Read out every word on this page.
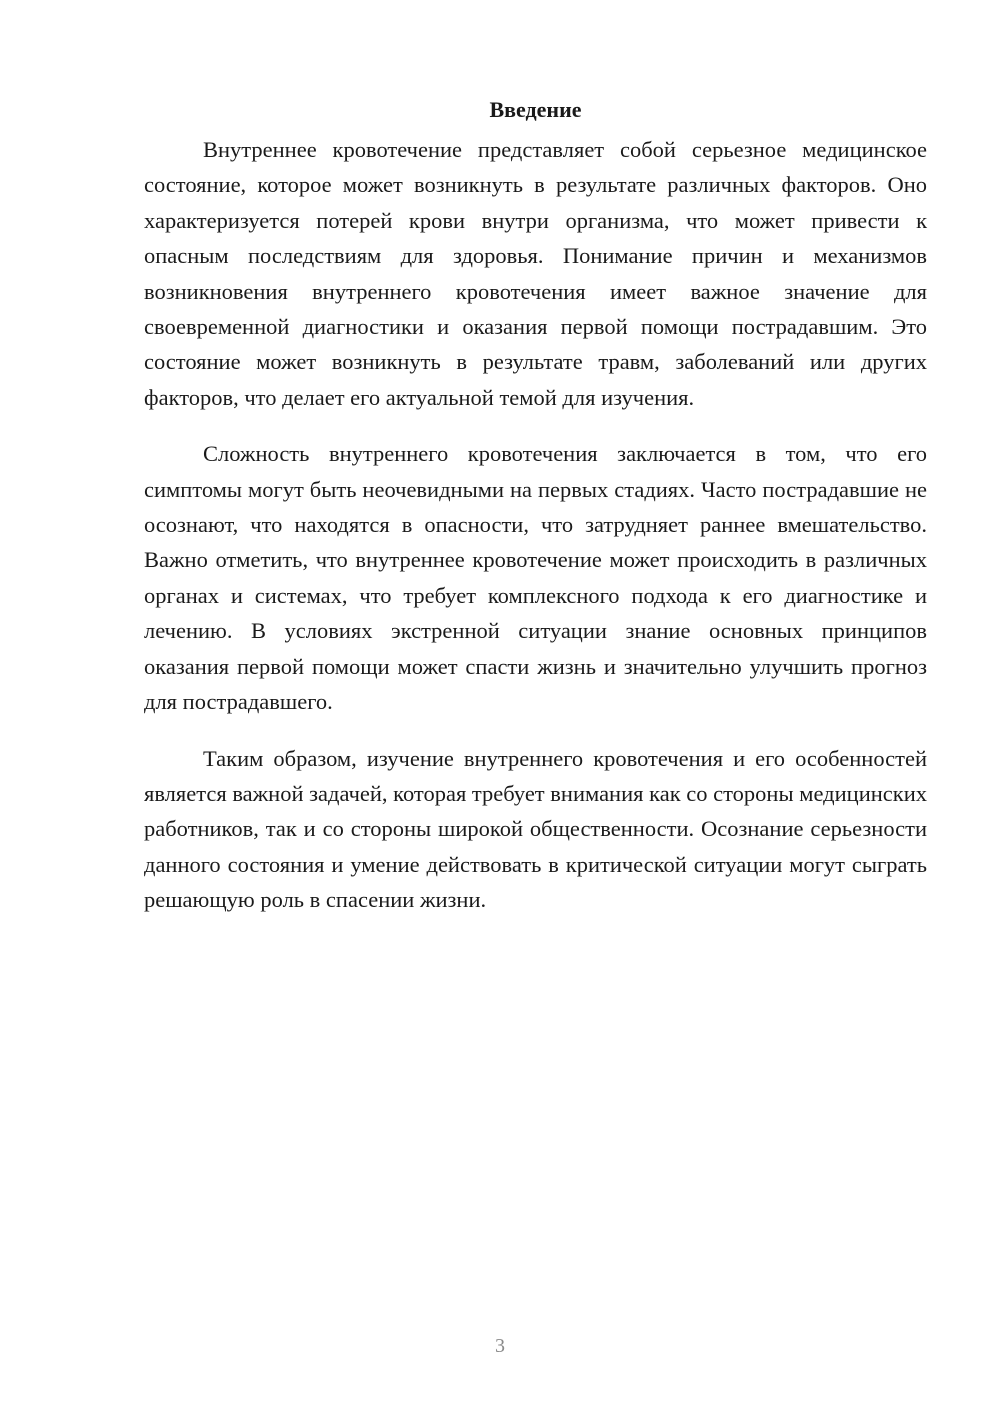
Введение

Внутреннее кровотечение представляет собой серьезное медицинское состояние, которое может возникнуть в результате различных факторов. Оно характеризуется потерей крови внутри организма, что может привести к опасным последствиям для здоровья. Понимание причин и механизмов возникновения внутреннего кровотечения имеет важное значение для своевременной диагностики и оказания первой помощи пострадавшим. Это состояние может возникнуть в результате травм, заболеваний или других факторов, что делает его актуальной темой для изучения.

Сложность внутреннего кровотечения заключается в том, что его симптомы могут быть неочевидными на первых стадиях. Часто пострадавшие не осознают, что находятся в опасности, что затрудняет раннее вмешательство. Важно отметить, что внутреннее кровотечение может происходить в различных органах и системах, что требует комплексного подхода к его диагностике и лечению. В условиях экстренной ситуации знание основных принципов оказания первой помощи может спасти жизнь и значительно улучшить прогноз для пострадавшего.

Таким образом, изучение внутреннего кровотечения и его особенностей является важной задачей, которая требует внимания как со стороны медицинских работников, так и со стороны широкой общественности. Осознание серьезности данного состояния и умение действовать в критической ситуации могут сыграть решающую роль в спасении жизни.

3
